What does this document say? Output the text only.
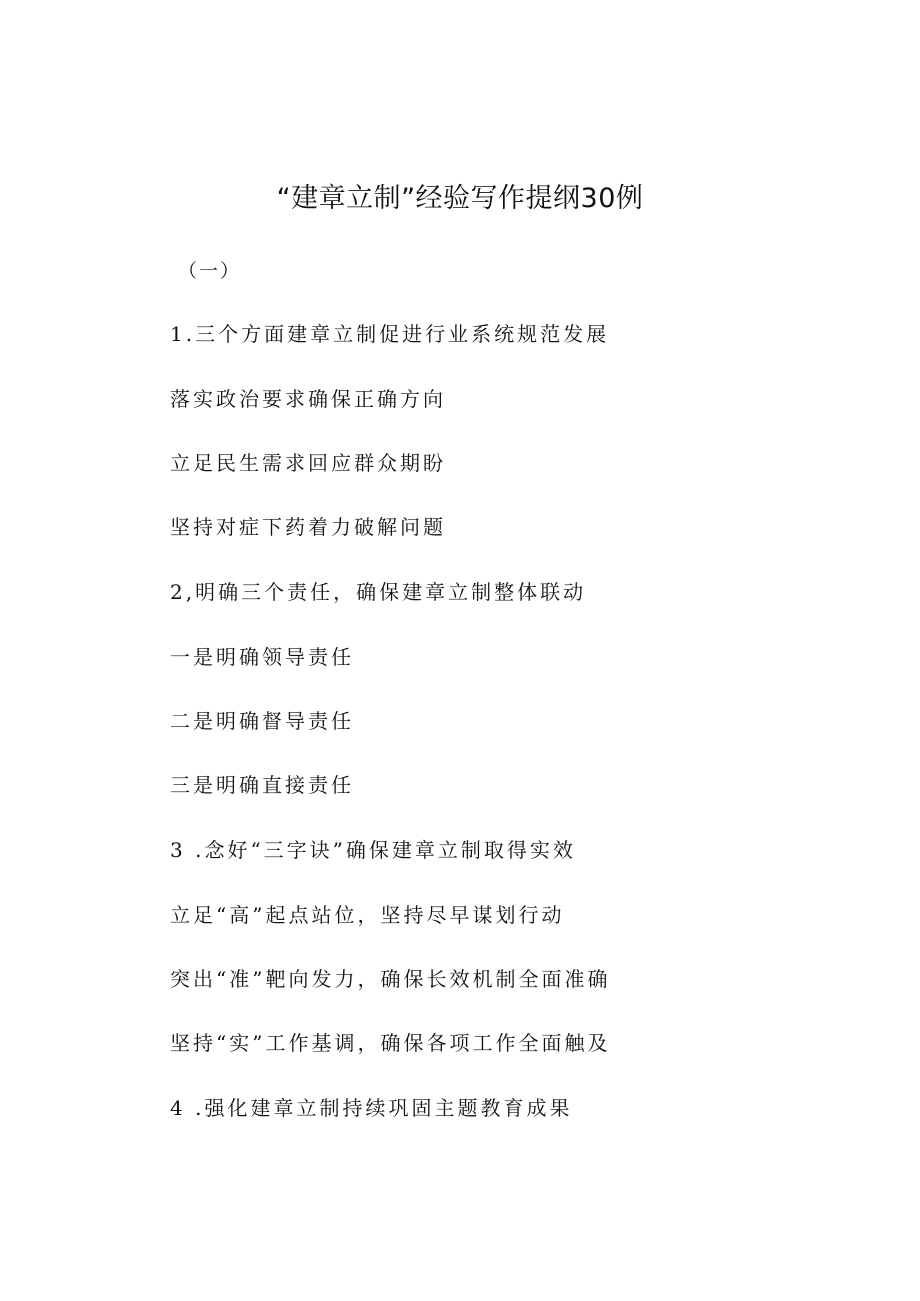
“建章立制”经验写作提纲30例
（一）
1.三个方面建章立制促进行业系统规范发展
落实政治要求确保正确方向
立足民生需求回应群众期盼
坚持对症下药着力破解问题
2,明确三个责任，确保建章立制整体联动
一是明确领导责任
二是明确督导责任
三是明确直接责任
3 .念好“三字诀”确保建章立制取得实效
立足“高”起点站位，坚持尽早谋划行动
突出“准”靶向发力，确保长效机制全面准确
坚持“实”工作基调，确保各项工作全面触及
4 .强化建章立制持续巩固主题教育成果
